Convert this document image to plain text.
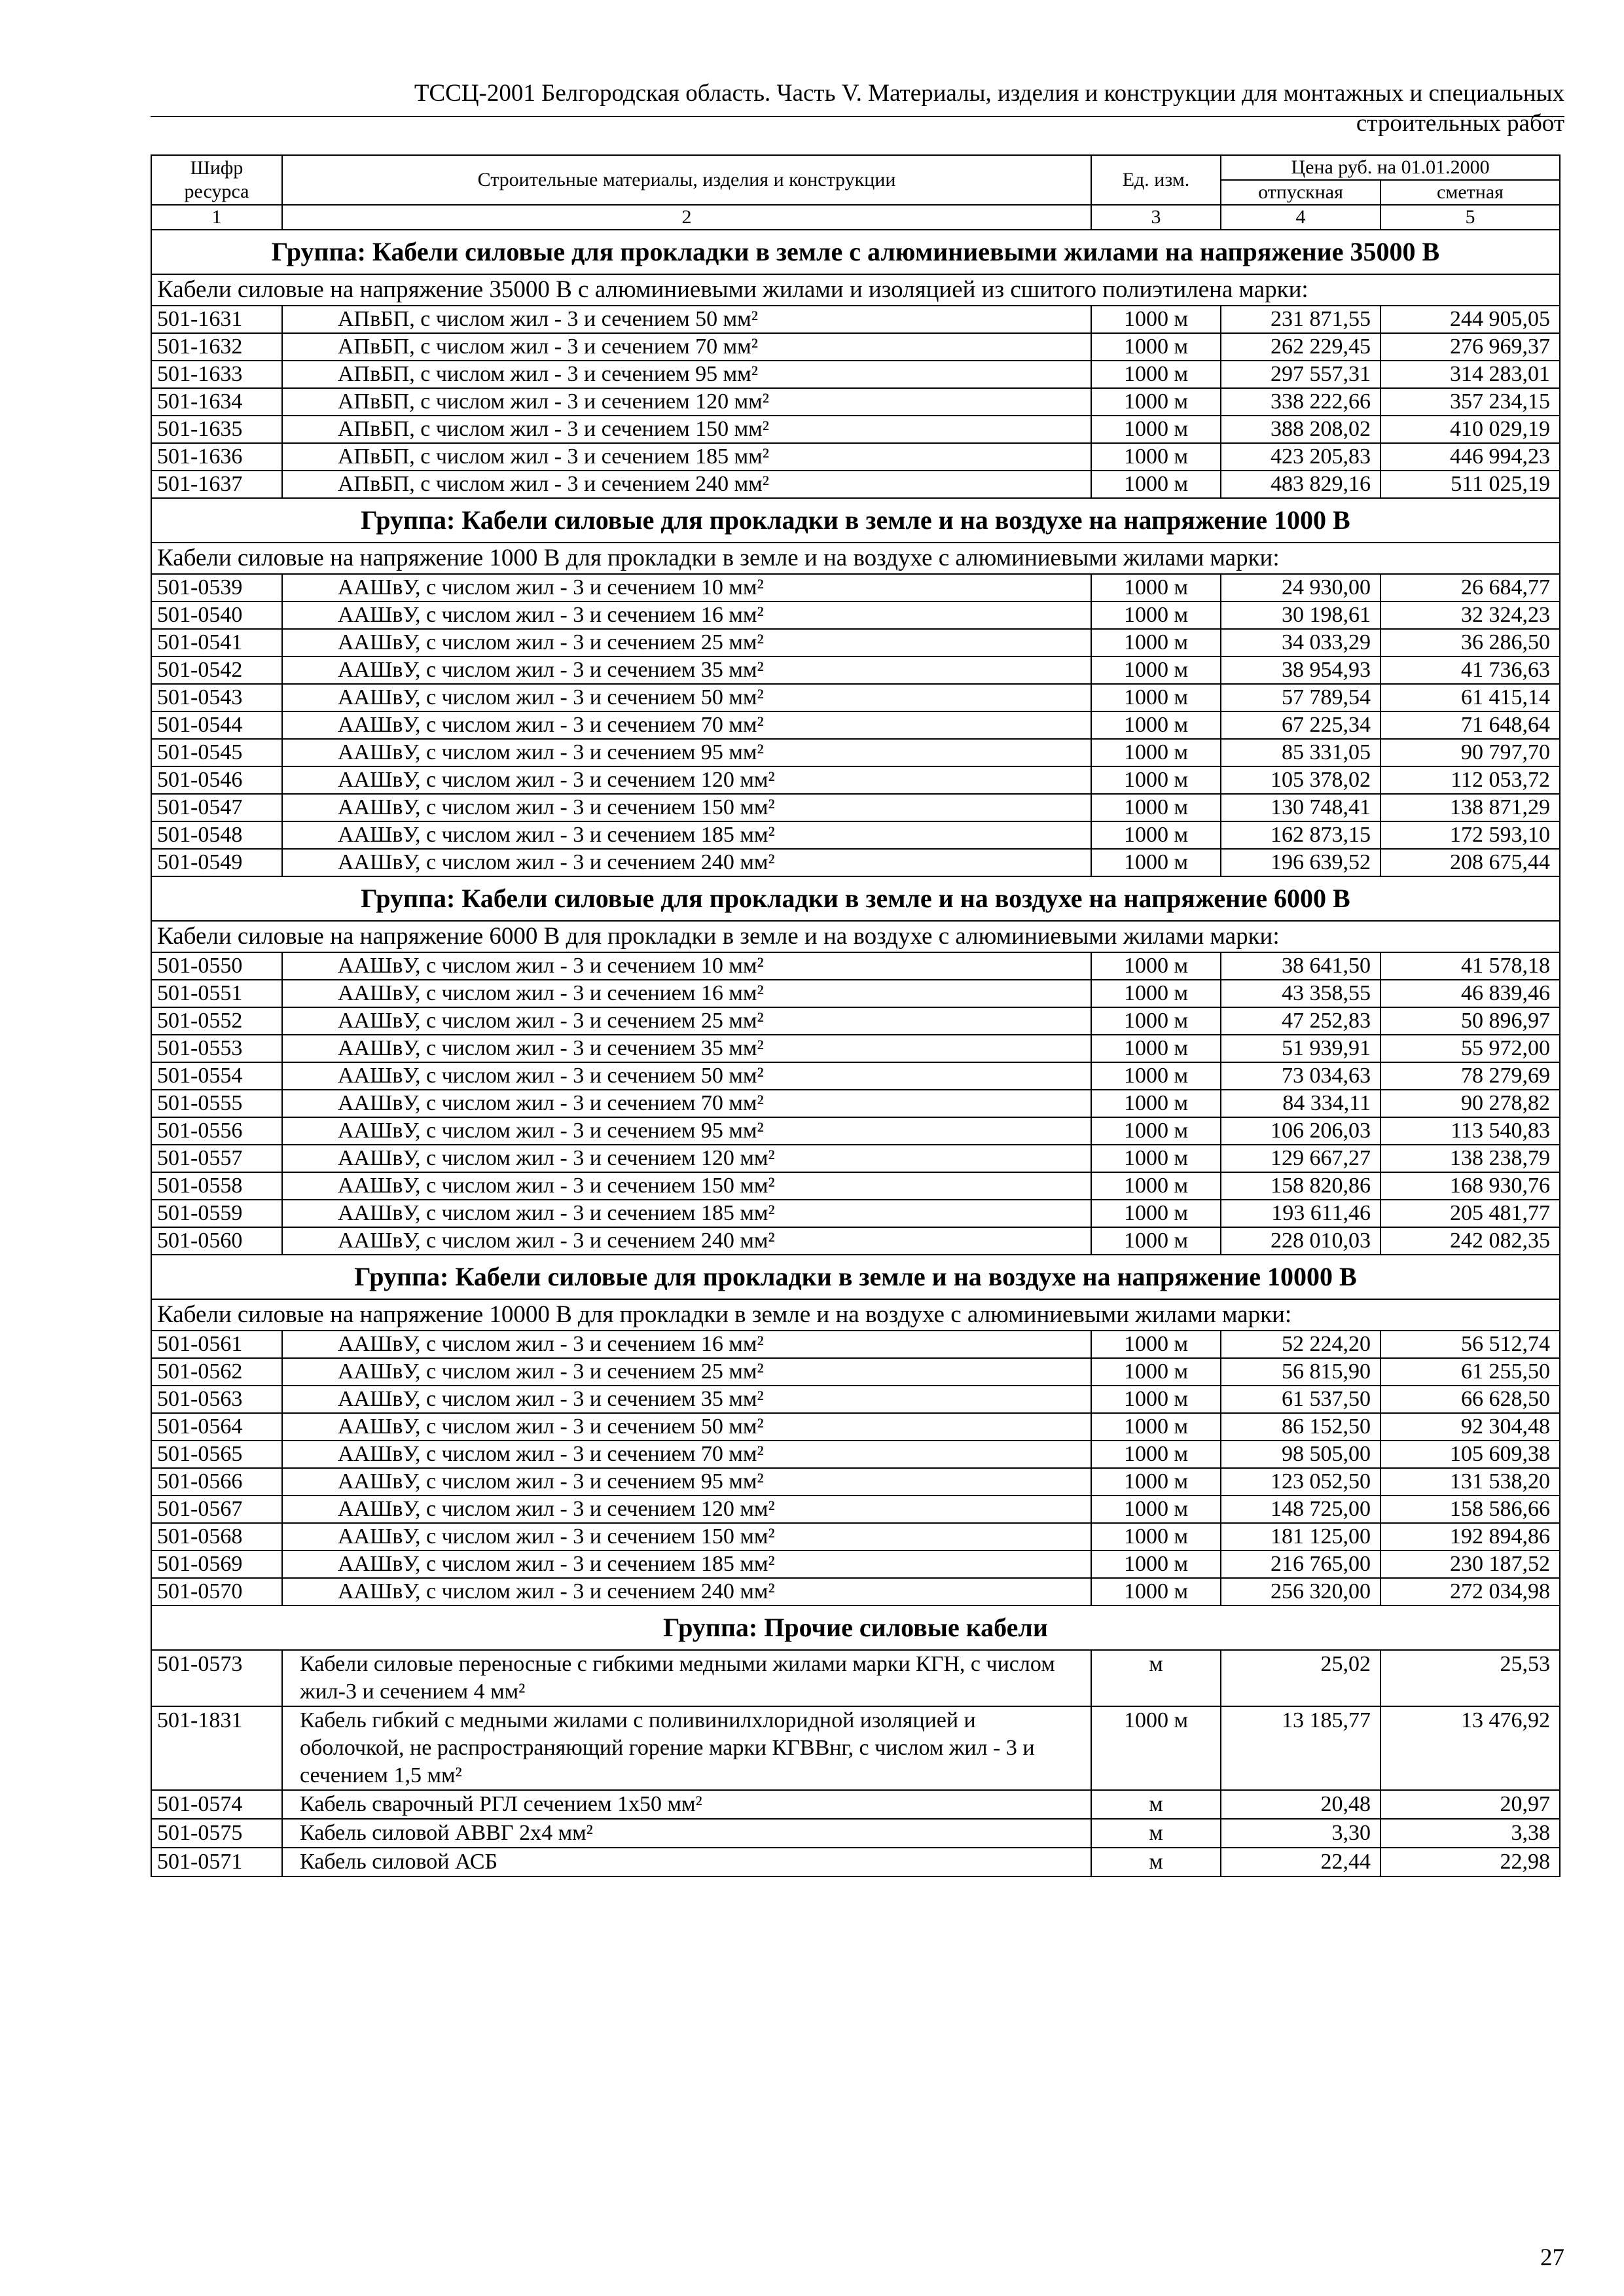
ТССЦ-2001 Белгородская область. Часть V. Материалы, изделия и конструкции для монтажных и специальных
строительных работ
Шифр ресурса	Строительные материалы, изделия и конструкции	Ед. изм.	Цена руб. на 01.01.2000	
			отпускная	сметная
1	2	3	4	5
Группа: Кабели силовые для прокладки в земле с алюминиевыми жилами на напряжение 35000 В				
Кабели силовые на напряжение 35000 В с алюминиевыми жилами и изоляцией из сшитого полиэтилена марки:				
501-1631	АПвБП, с числом жил - 3 и сечением 50 мм²	1000 м	231 871,55	244 905,05
501-1632	АПвБП, с числом жил - 3 и сечением 70 мм²	1000 м	262 229,45	276 969,37
501-1633	АПвБП, с числом жил - 3 и сечением 95 мм²	1000 м	297 557,31	314 283,01
501-1634	АПвБП, с числом жил - 3 и сечением 120 мм²	1000 м	338 222,66	357 234,15
501-1635	АПвБП, с числом жил - 3 и сечением 150 мм²	1000 м	388 208,02	410 029,19
501-1636	АПвБП, с числом жил - 3 и сечением 185 мм²	1000 м	423 205,83	446 994,23
501-1637	АПвБП, с числом жил - 3 и сечением 240 мм²	1000 м	483 829,16	511 025,19
Группа: Кабели силовые для прокладки в земле и на воздухе на напряжение 1000 В				
Кабели силовые на напряжение 1000 В для прокладки в земле и на воздухе с алюминиевыми жилами марки:				
501-0539	ААШвУ, с числом жил - 3 и сечением 10 мм²	1000 м	24 930,00	26 684,77
501-0540	ААШвУ, с числом жил - 3 и сечением 16 мм²	1000 м	30 198,61	32 324,23
501-0541	ААШвУ, с числом жил - 3 и сечением 25 мм²	1000 м	34 033,29	36 286,50
501-0542	ААШвУ, с числом жил - 3 и сечением 35 мм²	1000 м	38 954,93	41 736,63
501-0543	ААШвУ, с числом жил - 3 и сечением 50 мм²	1000 м	57 789,54	61 415,14
501-0544	ААШвУ, с числом жил - 3 и сечением 70 мм²	1000 м	67 225,34	71 648,64
501-0545	ААШвУ, с числом жил - 3 и сечением 95 мм²	1000 м	85 331,05	90 797,70
501-0546	ААШвУ, с числом жил - 3 и сечением 120 мм²	1000 м	105 378,02	112 053,72
501-0547	ААШвУ, с числом жил - 3 и сечением 150 мм²	1000 м	130 748,41	138 871,29
501-0548	ААШвУ, с числом жил - 3 и сечением 185 мм²	1000 м	162 873,15	172 593,10
501-0549	ААШвУ, с числом жил - 3 и сечением 240 мм²	1000 м	196 639,52	208 675,44
Группа: Кабели силовые для прокладки в земле и на воздухе на напряжение 6000 В				
Кабели силовые на напряжение 6000 В для прокладки в земле и на воздухе с алюминиевыми жилами марки:				
501-0550	ААШвУ, с числом жил - 3 и сечением 10 мм²	1000 м	38 641,50	41 578,18
501-0551	ААШвУ, с числом жил - 3 и сечением 16 мм²	1000 м	43 358,55	46 839,46
501-0552	ААШвУ, с числом жил - 3 и сечением 25 мм²	1000 м	47 252,83	50 896,97
501-0553	ААШвУ, с числом жил - 3 и сечением 35 мм²	1000 м	51 939,91	55 972,00
501-0554	ААШвУ, с числом жил - 3 и сечением 50 мм²	1000 м	73 034,63	78 279,69
501-0555	ААШвУ, с числом жил - 3 и сечением 70 мм²	1000 м	84 334,11	90 278,82
501-0556	ААШвУ, с числом жил - 3 и сечением 95 мм²	1000 м	106 206,03	113 540,83
501-0557	ААШвУ, с числом жил - 3 и сечением 120 мм²	1000 м	129 667,27	138 238,79
501-0558	ААШвУ, с числом жил - 3 и сечением 150 мм²	1000 м	158 820,86	168 930,76
501-0559	ААШвУ, с числом жил - 3 и сечением 185 мм²	1000 м	193 611,46	205 481,77
501-0560	ААШвУ, с числом жил - 3 и сечением 240 мм²	1000 м	228 010,03	242 082,35
Группа: Кабели силовые для прокладки в земле и на воздухе на напряжение 10000 В				
Кабели силовые на напряжение 10000 В для прокладки в земле и на воздухе с алюминиевыми жилами марки:				
501-0561	ААШвУ, с числом жил - 3 и сечением 16 мм²	1000 м	52 224,20	56 512,74
501-0562	ААШвУ, с числом жил - 3 и сечением 25 мм²	1000 м	56 815,90	61 255,50
501-0563	ААШвУ, с числом жил - 3 и сечением 35 мм²	1000 м	61 537,50	66 628,50
501-0564	ААШвУ, с числом жил - 3 и сечением 50 мм²	1000 м	86 152,50	92 304,48
501-0565	ААШвУ, с числом жил - 3 и сечением 70 мм²	1000 м	98 505,00	105 609,38
501-0566	ААШвУ, с числом жил - 3 и сечением 95 мм²	1000 м	123 052,50	131 538,20
501-0567	ААШвУ, с числом жил - 3 и сечением 120 мм²	1000 м	148 725,00	158 586,66
501-0568	ААШвУ, с числом жил - 3 и сечением 150 мм²	1000 м	181 125,00	192 894,86
501-0569	ААШвУ, с числом жил - 3 и сечением 185 мм²	1000 м	216 765,00	230 187,52
501-0570	ААШвУ, с числом жил - 3 и сечением 240 мм²	1000 м	256 320,00	272 034,98
Группа: Прочие силовые кабели				
501-0573	Кабели силовые переносные с гибкими медными жилами марки КГН, с числом жил-3 и сечением 4 мм²	м	25,02	25,53
501-1831	Кабель гибкий с медными жилами с поливинилхлоридной изоляцией и оболочкой, не распространяющий горение марки КГВВнг, с числом жил - 3 и сечением 1,5 мм²	1000 м	13 185,77	13 476,92
501-0574	Кабель сварочный РГЛ сечением 1х50 мм²	м	20,48	20,97
501-0575	Кабель силовой АВВГ 2х4 мм²	м	3,30	3,38
501-0571	Кабель силовой АСБ	м	22,44	22,98
27
